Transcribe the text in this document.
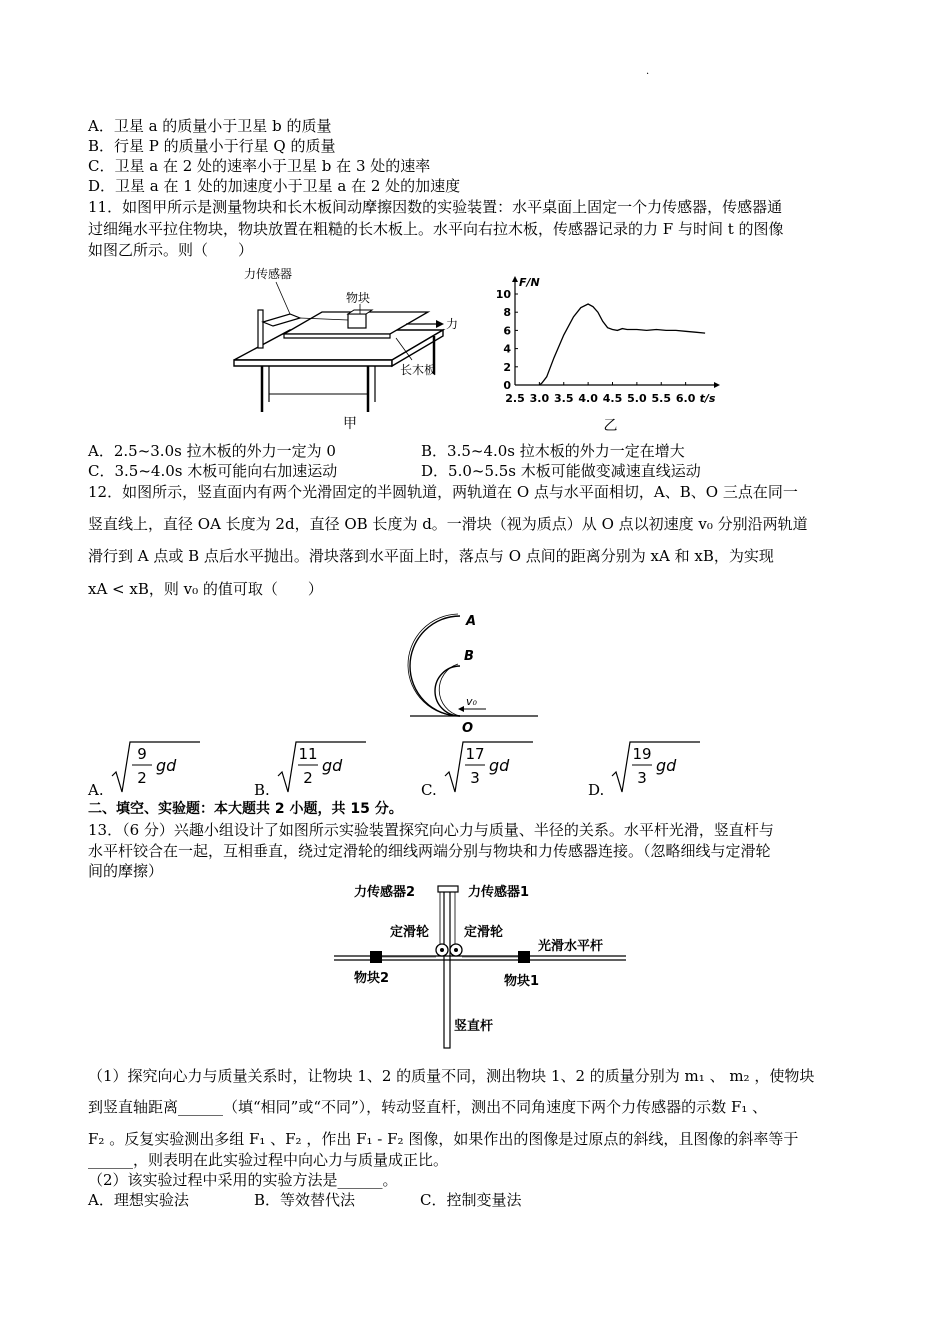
.
A．卫星 a 的质量小于卫星 b 的质量
B．行星 P 的质量小于行星 Q 的质量
C．卫星 a 在 2 处的速率小于卫星 b 在 3 处的速率
D．卫星 a 在 1 处的加速度小于卫星 a 在 2 处的加速度
11．如图甲所示是测量物块和长木板间动摩擦因数的实验装置：水平桌面上固定一个力传感器，传感器通
过细绳水平拉住物块，物块放置在粗糙的长木板上。水平向右拉木板，传感器记录的力 F 与时间 t 的图像
如图乙所示。则（　　）
力传感器
物块
力
长木板
甲
F/N
0
2
4
6
8
10
2.5 3.0 3.5 4.0 4.5 5.0 5.5 6.0 t/s
乙
A．2.5~3.0s 拉木板的外力一定为 0	B．3.5~4.0s 拉木板的外力一定在增大
C．3.5~4.0s 木板可能向右加速运动	D．5.0~5.5s 木板可能做变减速直线运动
12．如图所示，竖直面内有两个光滑固定的半圆轨道，两轨道在 O 点与水平面相切，A、B、O 三点在同一
竖直线上，直径 OA 长度为 2d，直径 OB 长度为 d。一滑块（视为质点）从 O 点以初速度 v₀ 分别沿两轨道
滑行到 A 点或 B 点后水平抛出。滑块落到水平面上时，落点与 O 点间的距离分别为 xA 和 xB，为实现
xA < xB，则 v₀ 的值可取（　　）
A
B
v₀
O
A.
9
2
gd
B.
11
2
gd
C.
17
3
gd
D.
19
3
gd
二、填空、实验题：本大题共 2 小题，共 15 分。
13．（6 分）兴趣小组设计了如图所示实验装置探究向心力与质量、半径的关系。水平杆光滑，竖直杆与
水平杆铰合在一起，互相垂直，绕过定滑轮的细线两端分别与物块和力传感器连接。（忽略细线与定滑轮
间的摩擦）
力传感器2	力传感器1
定滑轮	定滑轮
光滑水平杆
物块2	物块1
竖直杆
（1）探究向心力与质量关系时，让物块 1、2 的质量不同，测出物块 1、2 的质量分别为 m₁ 、 m₂ ，使物块
到竖直轴距离______（填“相同”或“不同”），转动竖直杆，测出不同角速度下两个力传感器的示数 F₁ 、
F₂ 。反复实验测出多组 F₁ 、F₂ ，作出 F₁ - F₂ 图像，如果作出的图像是过原点的斜线，且图像的斜率等于
______，则表明在此实验过程中向心力与质量成正比。
（2）该实验过程中采用的实验方法是______。
A．理想实验法	B．等效替代法	C．控制变量法
